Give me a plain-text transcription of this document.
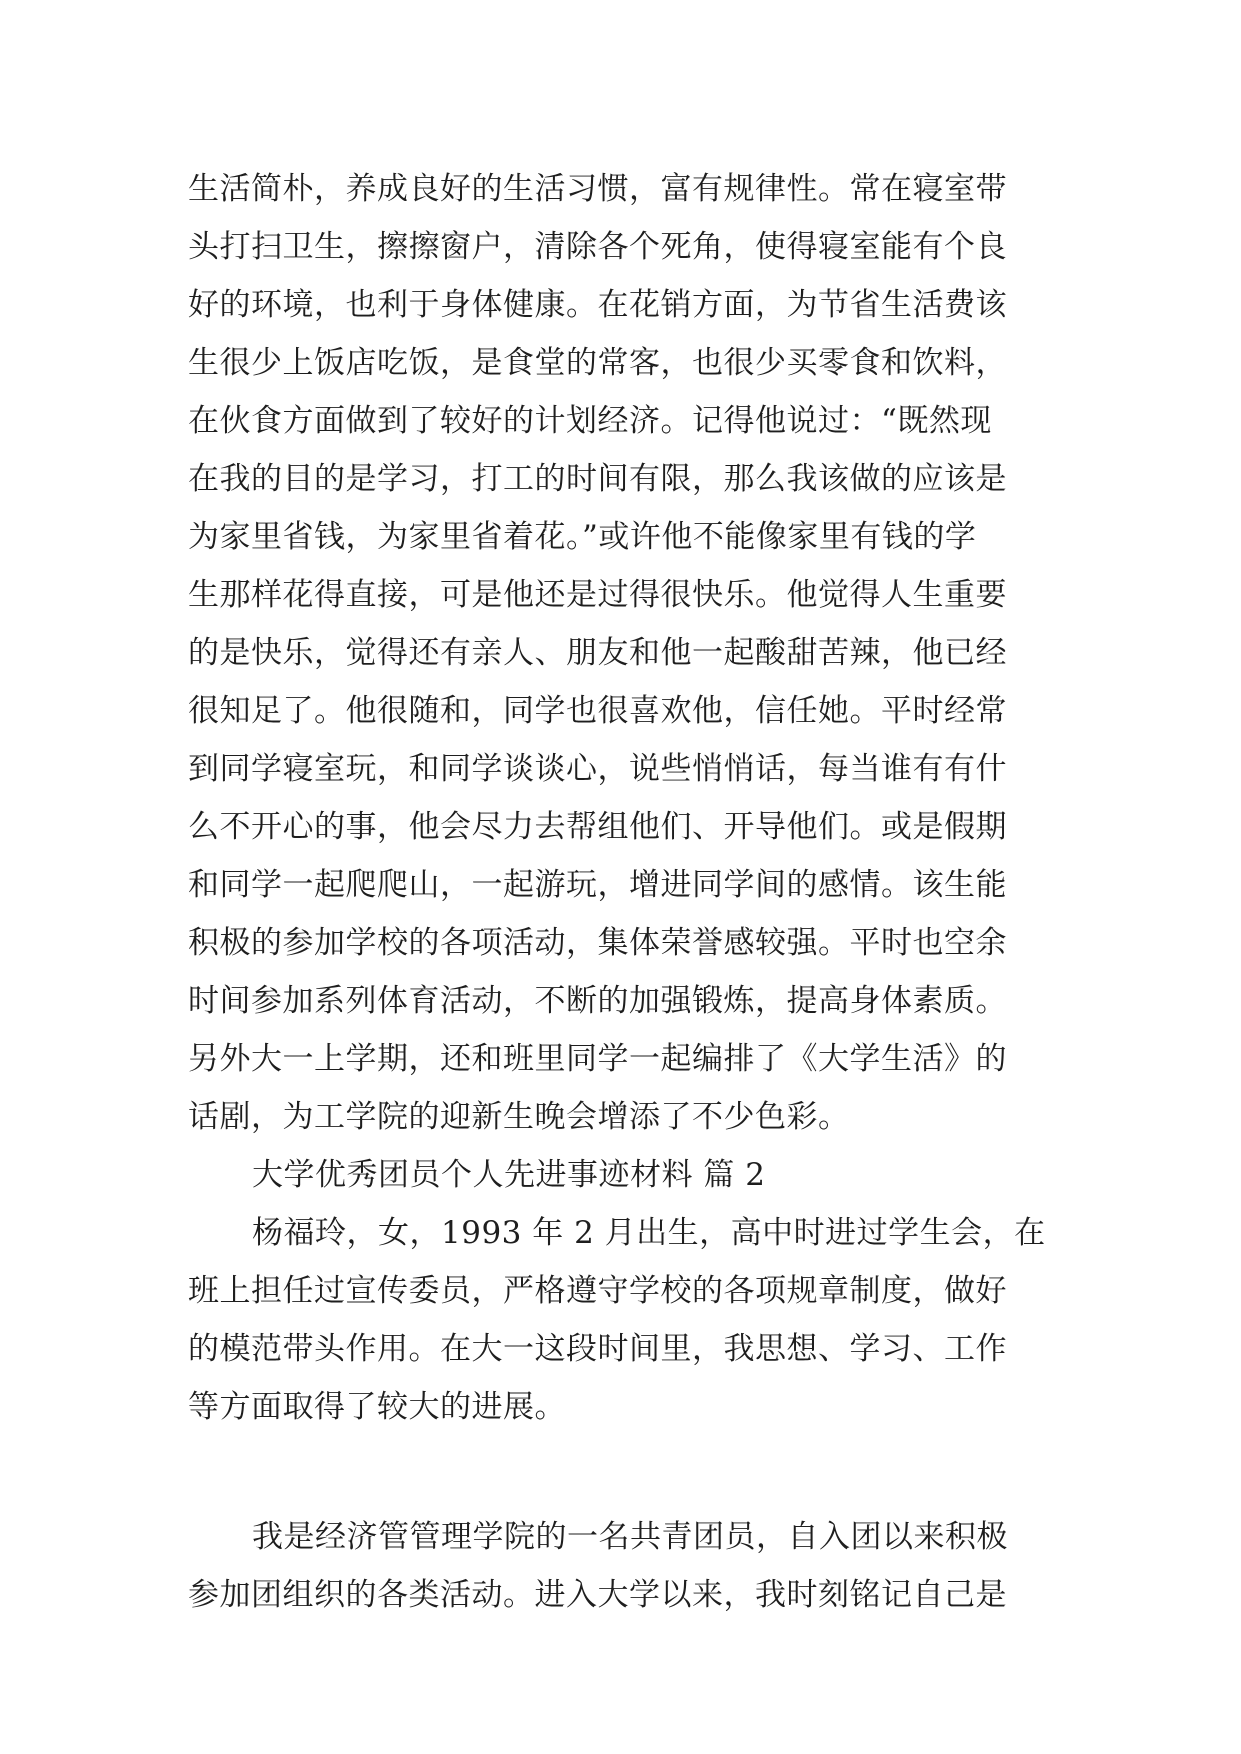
生活简朴，养成良好的生活习惯，富有规律性。常在寝室带
头打扫卫生，擦擦窗户，清除各个死角，使得寝室能有个良
好的环境，也利于身体健康。在花销方面，为节省生活费该
生很少上饭店吃饭，是食堂的常客，也很少买零食和饮料，
在伙食方面做到了较好的计划经济。记得他说过：“既然现
在我的目的是学习，打工的时间有限，那么我该做的应该是
为家里省钱，为家里省着花。”或许他不能像家里有钱的学
生那样花得直接，可是他还是过得很快乐。他觉得人生重要
的是快乐，觉得还有亲人、朋友和他一起酸甜苦辣，他已经
很知足了。他很随和，同学也很喜欢他，信任她。平时经常
到同学寝室玩，和同学谈谈心，说些悄悄话，每当谁有有什
么不开心的事，他会尽力去帮组他们、开导他们。或是假期
和同学一起爬爬山，一起游玩，增进同学间的感情。该生能
积极的参加学校的各项活动，集体荣誉感较强。平时也空余
时间参加系列体育活动，不断的加强锻炼，提高身体素质。
另外大一上学期，还和班里同学一起编排了《大学生活》的
话剧，为工学院的迎新生晚会增添了不少色彩。
大学优秀团员个人先进事迹材料 篇 2
杨福玲，女，1993 年 2 月出生，高中时进过学生会，在
班上担任过宣传委员，严格遵守学校的各项规章制度，做好
的模范带头作用。在大一这段时间里，我思想、学习、工作
等方面取得了较大的进展。
我是经济管管理学院的一名共青团员，自入团以来积极
参加团组织的各类活动。进入大学以来，我时刻铭记自己是
